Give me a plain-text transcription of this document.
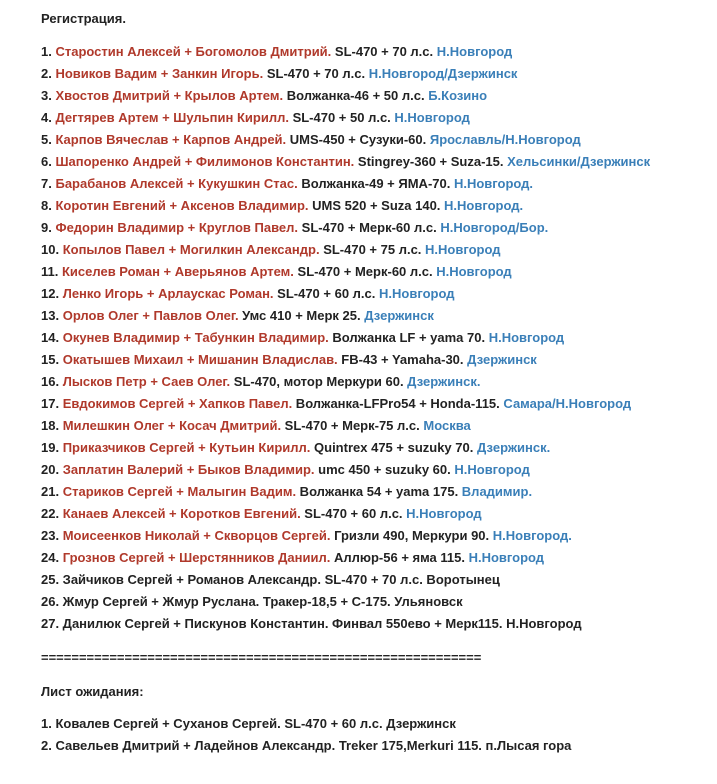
Регистрация.
1. Старостин Алексей + Богомолов Дмитрий. SL-470 + 70 л.с. Н.Новгород
2. Новиков Вадим + Занкин Игорь. SL-470 + 70 л.с. Н.Новгород/Дзержинск
3. Хвостов Дмитрий + Крылов Артем. Волжанка-46 + 50 л.с. Б.Козино
4. Дегтярев Артем + Шульпин Кирилл. SL-470 + 50 л.с. Н.Новгород
5. Карпов Вячеслав + Карпов Андрей. UMS-450 + Сузуки-60. Ярославль/Н.Новгород
6. Шапоренко Андрей + Филимонов Константин. Stingrey-360 + Suza-15. Хельсинки/Дзержинск
7. Барабанов Алексей + Кукушкин Стас. Волжанка-49 + ЯМА-70. Н.Новгород.
8. Коротин Евгений + Аксенов Владимир. UMS 520 + Suza 140. Н.Новгород.
9. Федорин Владимир + Круглов Павел. SL-470 + Мерк-60 л.с. Н.Новгород/Бор.
10. Копылов Павел + Могилкин Александр. SL-470 + 75 л.с. Н.Новгород
11. Киселев Роман + Аверьянов Артем. SL-470 + Мерк-60 л.с. Н.Новгород
12. Ленко Игорь + Арлаускас Роман. SL-470 + 60 л.с. Н.Новгород
13. Орлов Олег + Павлов Олег. Умс 410 + Мерк 25. Дзержинск
14. Окунев Владимир + Табункин Владимир. Волжанка LF + yama 70. Н.Новгород
15. Окатышев Михаил + Мишанин Владислав. FB-43 + Yamaha-30. Дзержинск
16. Лысков Петр + Саев Олег. SL-470, мотор Меркури 60. Дзержинск.
17. Евдокимов Сергей + Хапков Павел. Волжанка-LFPro54 + Honda-115. Самара/Н.Новгород
18. Милешкин Олег + Косач Дмитрий. SL-470 + Мерк-75 л.с. Москва
19. Приказчиков Сергей + Кутьин Кирилл. Quintrex 475 + suzuky 70. Дзержинск.
20. Заплатин Валерий + Быков Владимир. umc 450 + suzuky 60. Н.Новгород
21. Стариков Сергей + Малыгин Вадим. Волжанка 54 + yama 175. Владимир.
22. Канаев Алексей + Коротков Евгений. SL-470 + 60 л.с. Н.Новгород
23. Моисеенков Николай + Скворцов Сергей. Гризли 490, Меркури 90. Н.Новгород.
24. Грознов Сергей + Шерстянников Даниил. Аллюр-56 + яма 115. Н.Новгород
25. Зайчиков Сергей + Романов Александр. SL-470 + 70 л.с. Воротынец
26. Жмур Сергей + Жмур Руслана. Тракер-18,5 + С-175. Ульяновск
27. Данилюк Сергей + Пискунов Константин. Финвал 550ево + Мерк115. Н.Новгород
==========================================================
Лист ожидания:
1. Ковалев Сергей + Суханов Сергей. SL-470 + 60 л.с. Дзержинск
2. Савельев Дмитрий + Ладейнов Александр. Treker 175,Merkuri 115. п.Лысая гора
